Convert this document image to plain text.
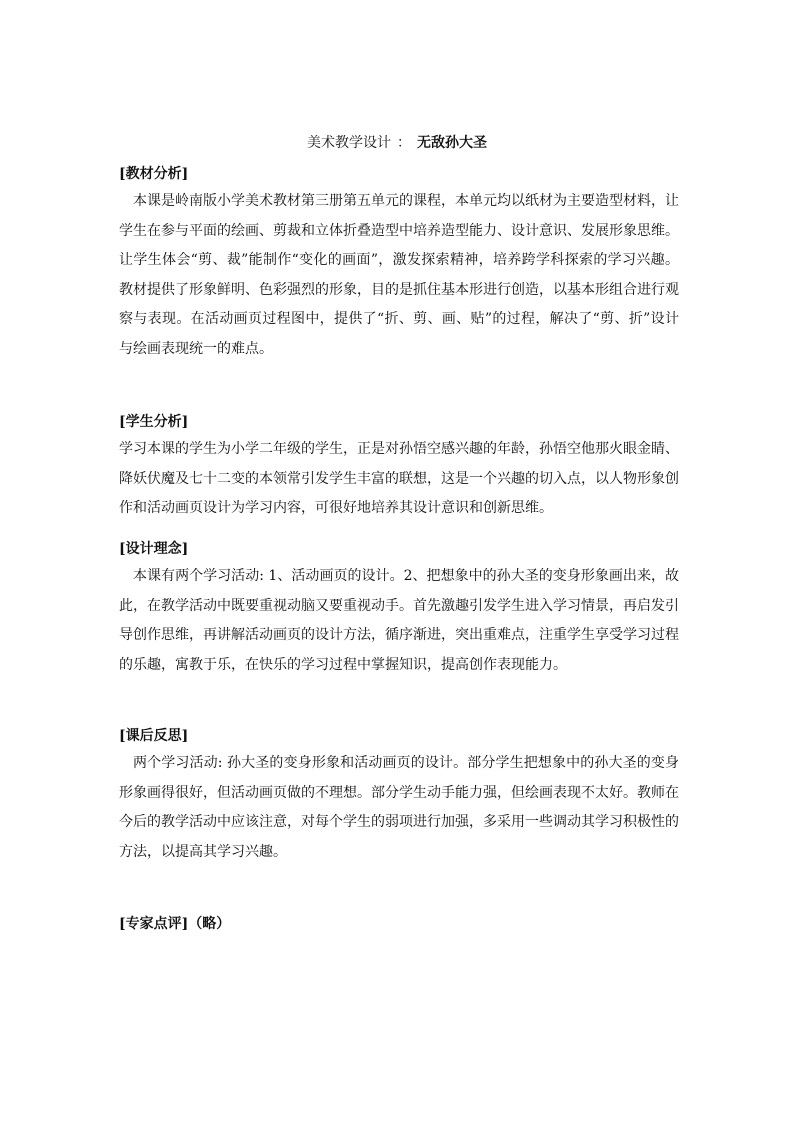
美术教学设计 ： 无敌孙大圣

[教材分析]

本课是岭南版小学美术教材第三册第五单元的课程，本单元均以纸材为主要造型材料，让学生在参与平面的绘画、剪裁和立体折叠造型中培养造型能力、设计意识、发展形象思维。让学生体会“剪、裁”能制作“变化的画面”，激发探索精神，培养跨学科探索的学习兴趣。教材提供了形象鲜明、色彩强烈的形象，目的是抓住基本形进行创造，以基本形组合进行观察与表现。在活动画页过程图中，提供了“折、剪、画、贴”的过程，解决了“剪、折”设计与绘画表现统一的难点。

[学生分析]

学习本课的学生为小学二年级的学生，正是对孙悟空感兴趣的年龄，孙悟空他那火眼金睛、降妖伏魔及七十二变的本领常引发学生丰富的联想，这是一个兴趣的切入点，以人物形象创作和活动画页设计为学习内容，可很好地培养其设计意识和创新思维。

[设计理念]

本课有两个学习活动: 1、活动画页的设计。2、把想象中的孙大圣的变身形象画出来，故此，在教学活动中既要重视动脑又要重视动手。首先激趣引发学生进入学习情景，再启发引导创作思维，再讲解活动画页的设计方法，循序渐进，突出重难点，注重学生享受学习过程的乐趣，寓教于乐，在快乐的学习过程中掌握知识，提高创作表现能力。

[课后反思]

两个学习活动: 孙大圣的变身形象和活动画页的设计。部分学生把想象中的孙大圣的变身形象画得很好，但活动画页做的不理想。部分学生动手能力强，但绘画表现不太好。教师在今后的教学活动中应该注意，对每个学生的弱项进行加强，多采用一些调动其学习积极性的方法，以提高其学习兴趣。

[专家点评]（略）
